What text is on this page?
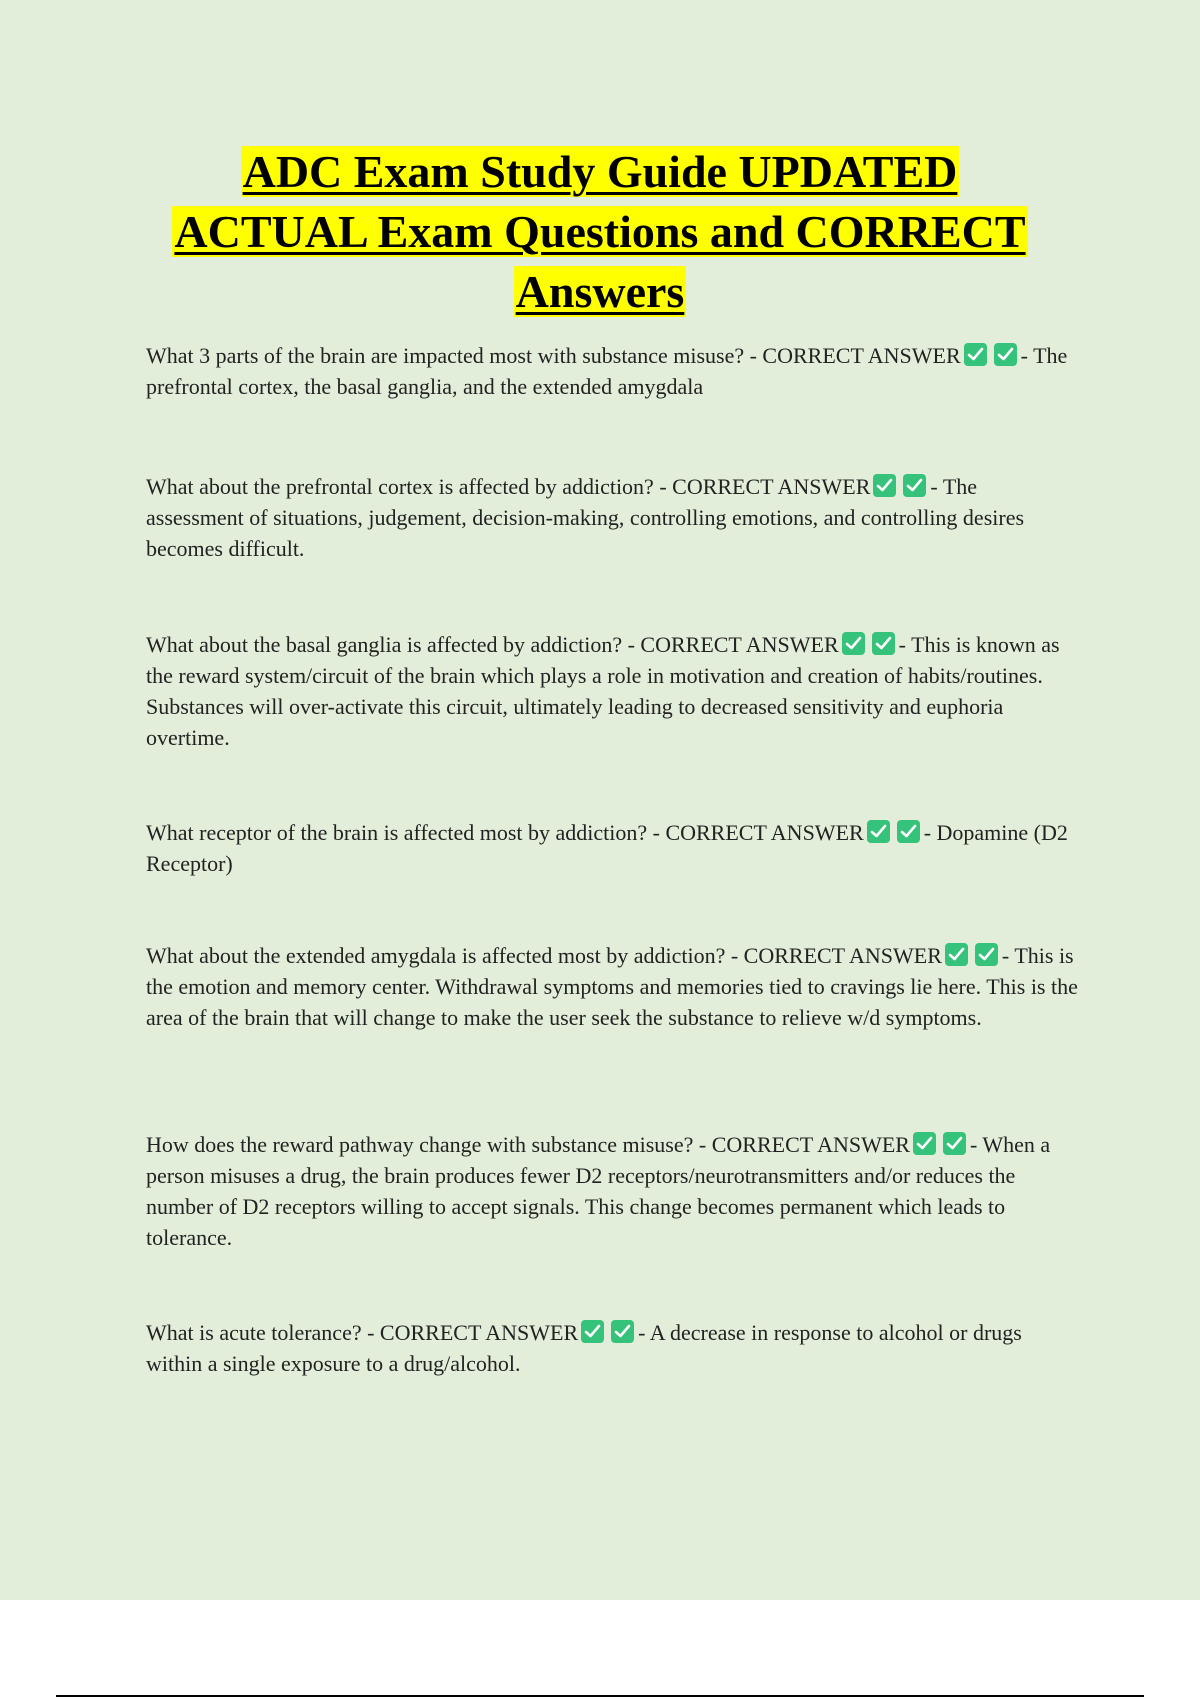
ADC Exam Study Guide UPDATED
ACTUAL Exam Questions and CORRECT
Answers
What 3 parts of the brain are impacted most with substance misuse? - CORRECT ANSWER	- The prefrontal cortex, the basal ganglia, and the extended amygdala
What about the prefrontal cortex is affected by addiction? - CORRECT ANSWER	- The assessment of situations, judgement, decision-making, controlling emotions, and controlling desires becomes difficult.
What about the basal ganglia is affected by addiction? - CORRECT ANSWER	- This is known as the reward system/circuit of the brain which plays a role in motivation and creation of habits/routines. Substances will over-activate this circuit, ultimately leading to decreased sensitivity and euphoria overtime.
What receptor of the brain is affected most by addiction? - CORRECT ANSWER	- Dopamine (D2 Receptor)
What about the extended amygdala is affected most by addiction? - CORRECT ANSWER	- This is the emotion and memory center. Withdrawal symptoms and memories tied to cravings lie here. This is the area of the brain that will change to make the user seek the substance to relieve w/d symptoms.
How does the reward pathway change with substance misuse? - CORRECT ANSWER	- When a person misuses a drug, the brain produces fewer D2 receptors/neurotransmitters and/or reduces the number of D2 receptors willing to accept signals. This change becomes permanent which leads to tolerance.
What is acute tolerance? - CORRECT ANSWER	- A decrease in response to alcohol or drugs within a single exposure to a drug/alcohol.
